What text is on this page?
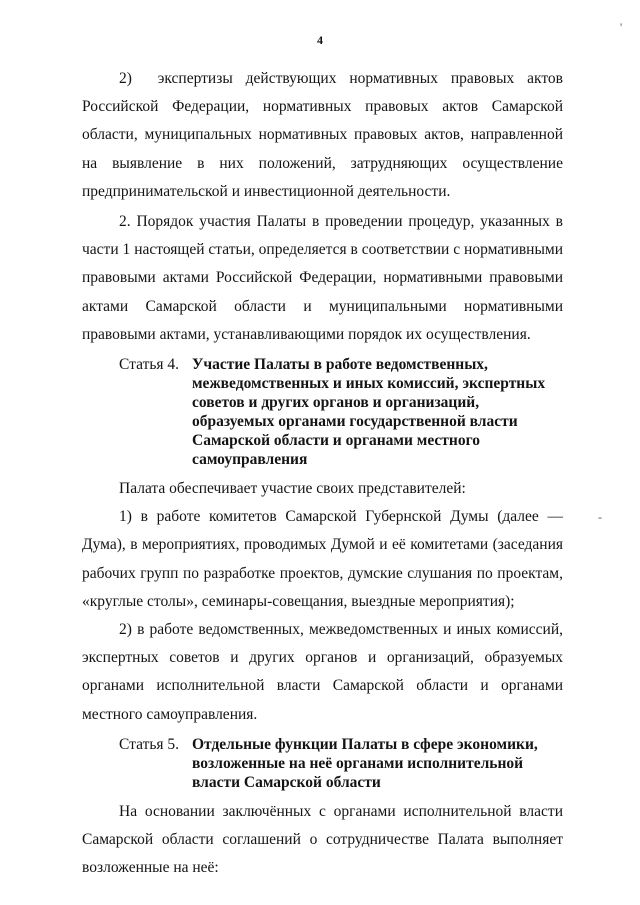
4
'
-

2)  экспертизы действующих нормативных правовых актов Российской Федерации, нормативных правовых актов Самарской области, муниципальных нормативных правовых актов, направленной на выявление в них положений, затрудняющих осуществление предпринимательской и инвестиционной деятельности.

2. Порядок участия Палаты в проведении процедур, указанных в части 1 настоящей статьи, определяется в соответствии с нормативными правовыми актами Российской Федерации, нормативными правовыми актами Самарской области и муниципальными нормативными правовыми актами, устанавливающими порядок их осуществления.

Статья 4. Участие Палаты в работе ведомственных, межведомственных и иных комиссий, экспертных советов и других органов и организаций, образуемых органами государственной власти Самарской области и органами местного самоуправления

Палата обеспечивает участие своих представителей:

1) в работе комитетов Самарской Губернской Думы (далее — Дума), в мероприятиях, проводимых Думой и её комитетами (заседания рабочих групп по разработке проектов, думские слушания по проектам, «круглые столы», семинары-совещания, выездные мероприятия);

2) в работе ведомственных, межведомственных и иных комиссий, экспертных советов и других органов и организаций, образуемых органами исполнительной власти Самарской области и органами местного самоуправления.

Статья 5. Отдельные функции Палаты в сфере экономики, возложенные на неё органами исполнительной власти Самарской области

На основании заключённых с органами исполнительной власти Самарской области соглашений о сотрудничестве Палата выполняет возложенные на неё:
